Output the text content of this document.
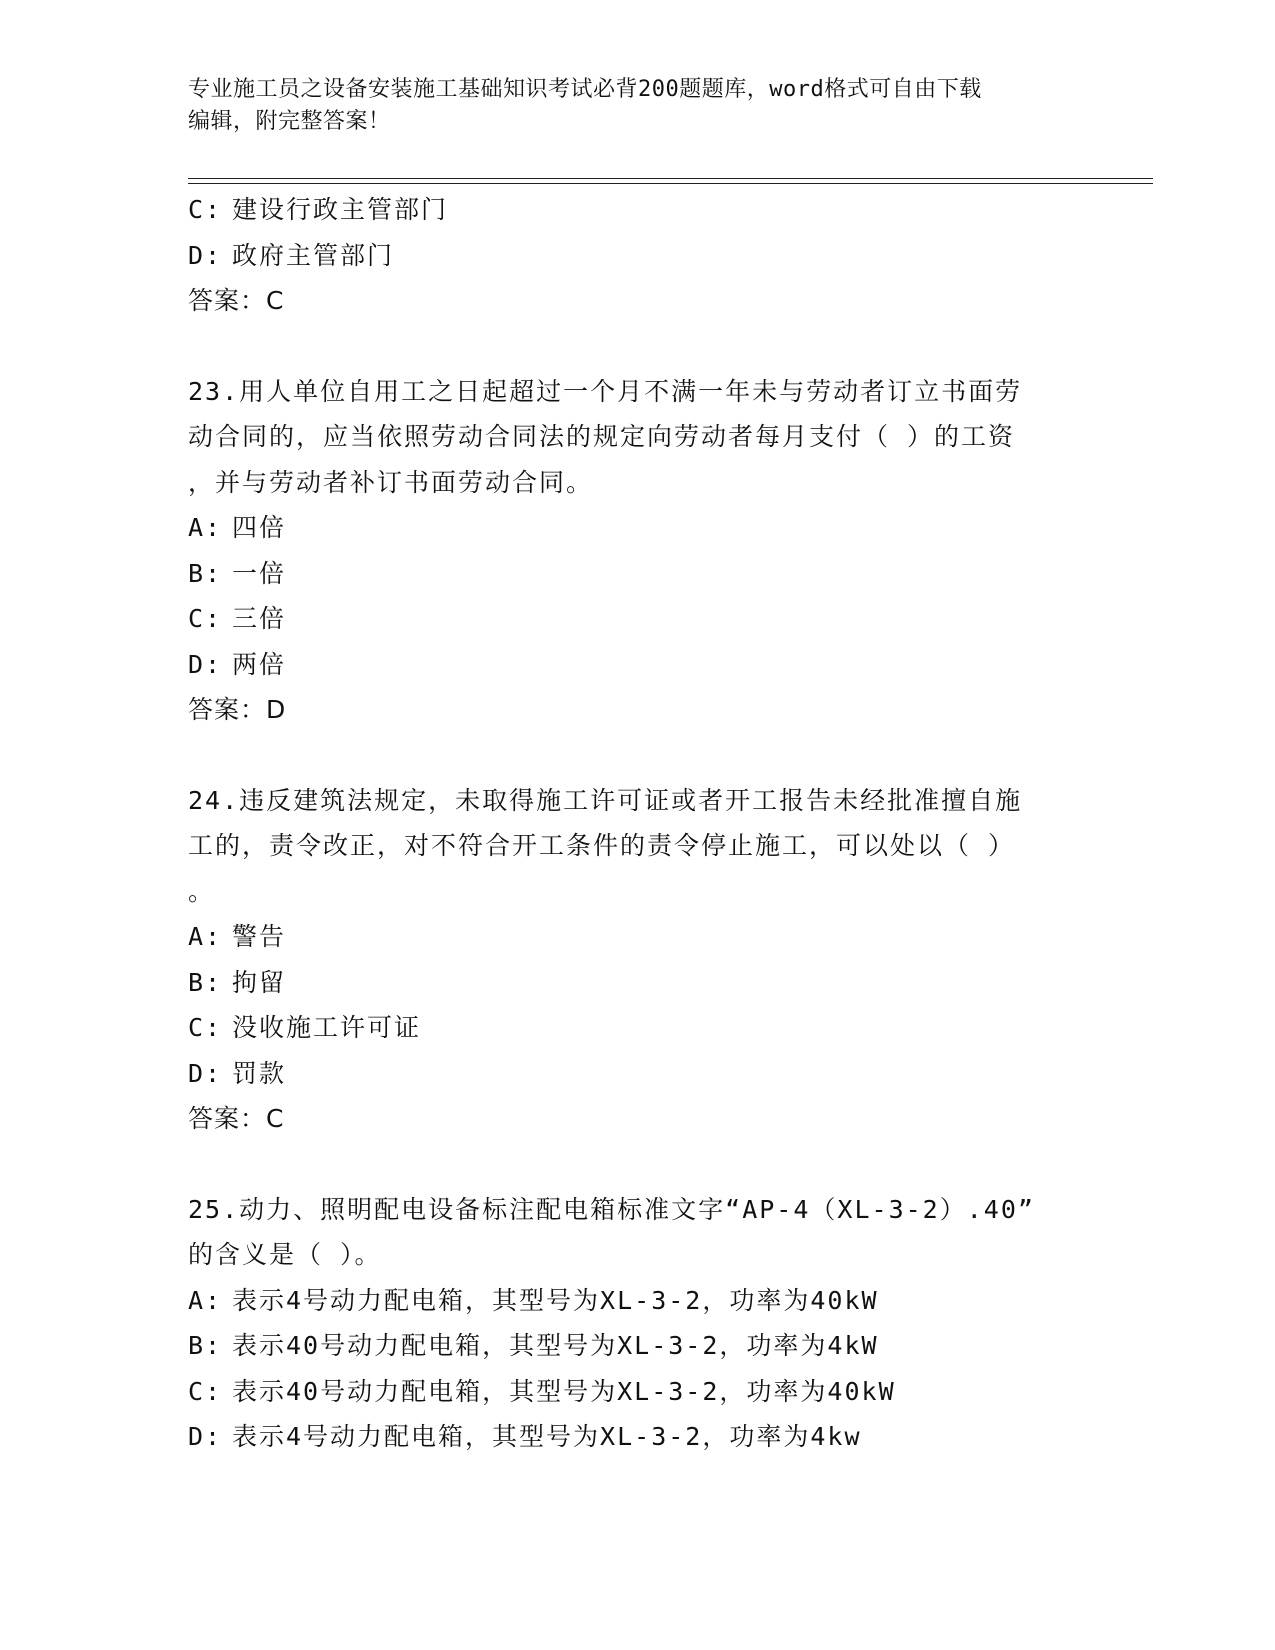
专业施工员之设备安装施工基础知识考试必背200题题库，word格式可自由下载
编辑，附完整答案！
C: 建设行政主管部门
D: 政府主管部门
答案：C
23.用人单位自用工之日起超过一个月不满一年未与劳动者订立书面劳
动合同的，应当依照劳动合同法的规定向劳动者每月支付（ ）的工资
，并与劳动者补订书面劳动合同。
A: 四倍
B: 一倍
C: 三倍
D: 两倍
答案：D
24.违反建筑法规定，未取得施工许可证或者开工报告未经批准擅自施
工的，责令改正，对不符合开工条件的责令停止施工，可以处以（ ）
。
A: 警告
B: 拘留
C: 没收施工许可证
D: 罚款
答案：C
25.动力、照明配电设备标注配电箱标准文字“AP-4（XL-3-2）.40”
的含义是（ ）。
A: 表示4号动力配电箱，其型号为XL-3-2，功率为40kW
B: 表示40号动力配电箱，其型号为XL-3-2，功率为4kW
C: 表示40号动力配电箱，其型号为XL-3-2，功率为40kW
D: 表示4号动力配电箱，其型号为XL-3-2，功率为4kw
